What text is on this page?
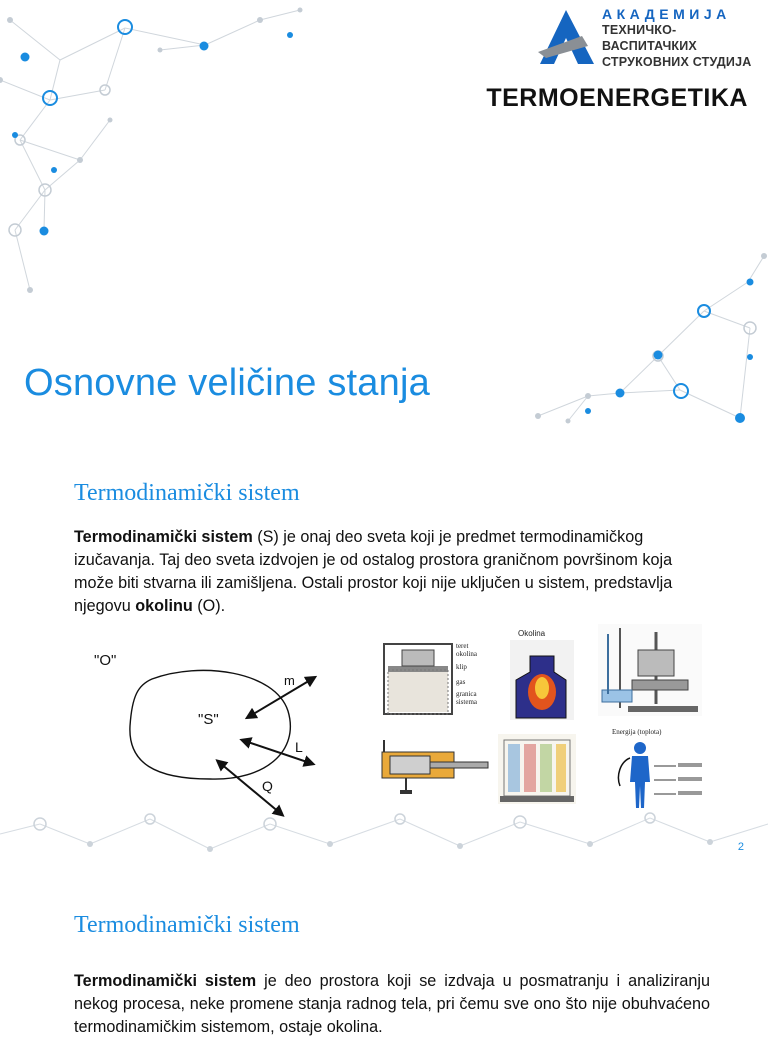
АКАДЕМИЈА
ТЕХНИЧКО-ВАСПИТАЧКИХ
СТРУКОВНИХ СТУДИЈА
TERMOENERGETIKA
Osnovne veličine stanja
Termodinamički sistem

Termodinamički sistem (S) je onaj deo sveta koji je predmet termodinamičkog izučavanja. Taj deo sveta izdvojen je od ostalog prostora graničnom površinom koja može biti stvarna ili zamišljena. Ostali prostor koji nije uključen u sistem, predstavlja njegovu okolinu (O).

"O"
"S"
m
L
Q
teret
okolina
klip
gas
granica
sistema
Okolina
Energija (toplota)
2
Termodinamički sistem

Termodinamički sistem je deo prostora koji se izdvaja u posmatranju i analiziranju nekog procesa, neke promene stanja radnog tela, pri čemu sve ono što nije obuhvaćeno termodinamičkim sistemom, ostaje okolina.
